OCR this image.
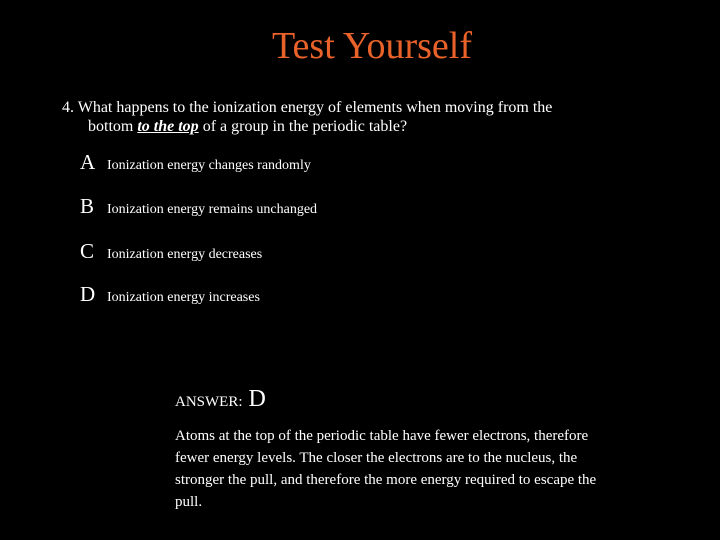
Test Yourself
4. What happens to the ionization energy of elements when moving from the
bottom to the top of a group in the periodic table?
A Ionization energy changes randomly
B Ionization energy remains unchanged
C Ionization energy decreases
D Ionization energy increases
ANSWER: D
Atoms at the top of the periodic table have fewer electrons, therefore fewer energy levels. The closer the electrons are to the nucleus, the stronger the pull, and therefore the more energy required to escape the pull.
